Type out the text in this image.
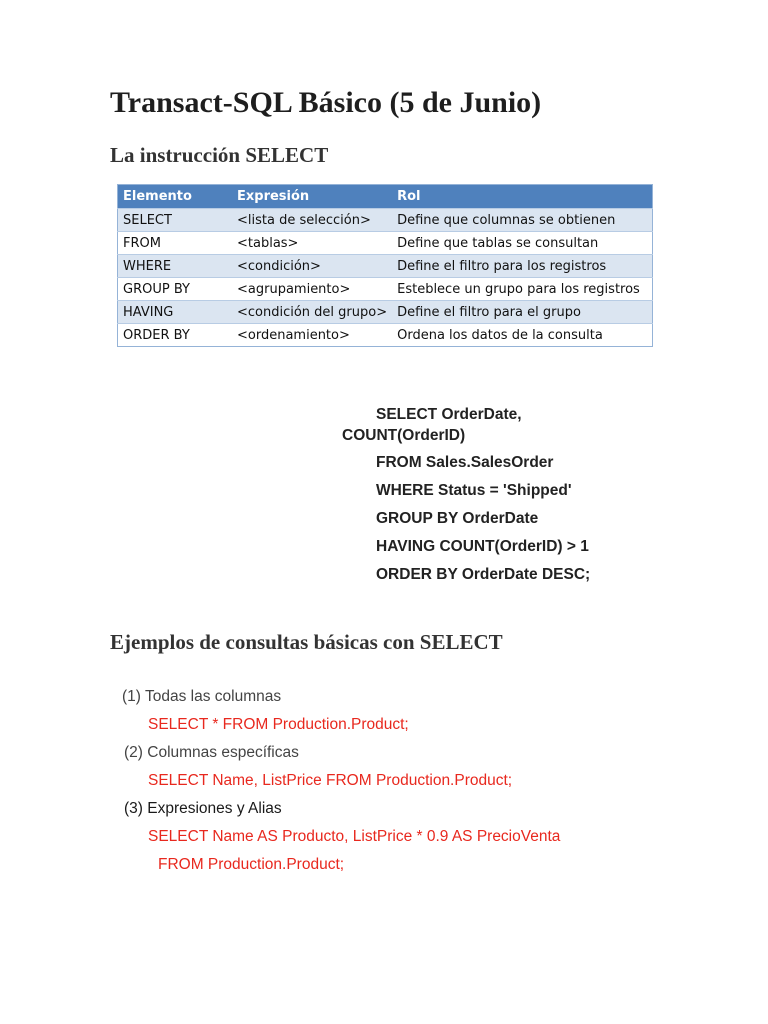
Transact-SQL Básico (5 de Junio)
La instrucción SELECT
Elemento	Expresión	Rol
SELECT	<lista de selección>	Define que columnas se obtienen
FROM	<tablas>	Define que tablas se consultan
WHERE	<condición>	Define el filtro para los registros
GROUP BY	<agrupamiento>	Esteblece un grupo para los registros
HAVING	<condición del grupo>	Define el filtro para el grupo
ORDER BY	<ordenamiento>	Ordena los datos de la consulta
SELECT OrderDate,
COUNT(OrderID)
FROM Sales.SalesOrder
WHERE Status = 'Shipped'
GROUP BY OrderDate
HAVING COUNT(OrderID) > 1
ORDER BY OrderDate DESC;
Ejemplos de consultas básicas con SELECT
(1) Todas las columnas
SELECT * FROM Production.Product;
(2) Columnas específicas
SELECT Name, ListPrice FROM Production.Product;
(3) Expresiones y Alias
SELECT Name AS Producto, ListPrice * 0.9 AS PrecioVenta
FROM Production.Product;
